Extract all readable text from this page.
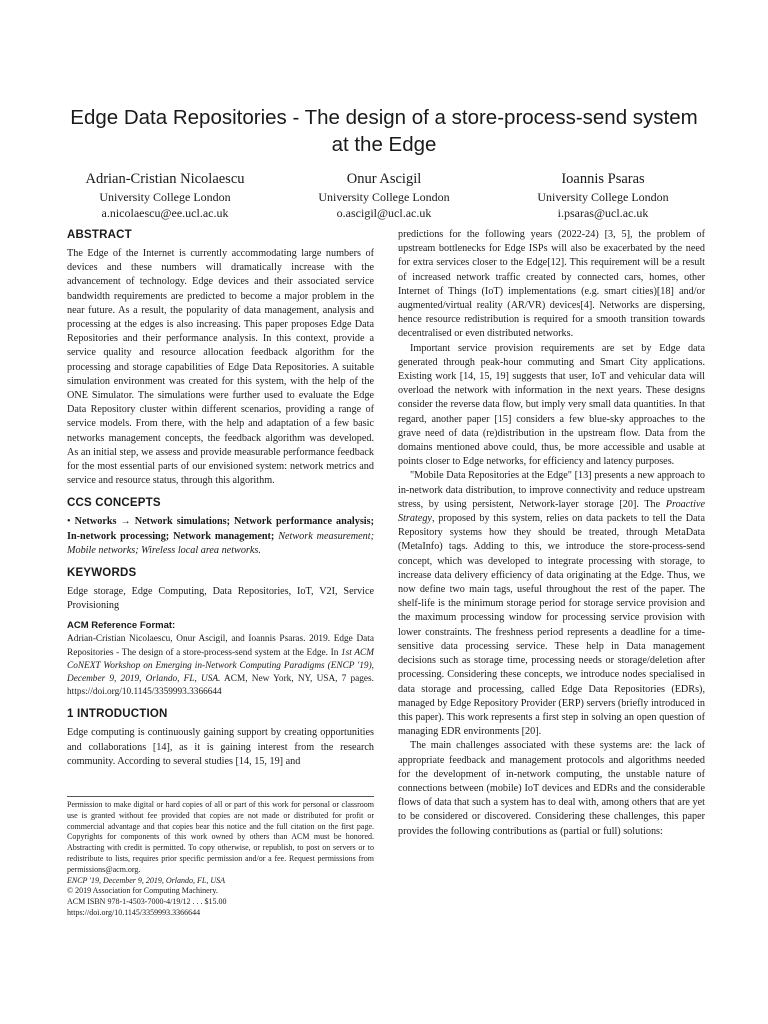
Edge Data Repositories - The design of a store-process-send system at the Edge
Adrian-Cristian Nicolaescu
University College London
a.nicolaescu@ee.ucl.ac.uk
Onur Ascigil
University College London
o.ascigil@ucl.ac.uk
Ioannis Psaras
University College London
i.psaras@ucl.ac.uk
ABSTRACT

The Edge of the Internet is currently accommodating large numbers of devices and these numbers will dramatically increase with the advancement of technology. Edge devices and their associated service bandwidth requirements are predicted to become a major problem in the near future. As a result, the popularity of data management, analysis and processing at the edges is also increasing. This paper proposes Edge Data Repositories and their performance analysis. In this context, provide a service quality and resource allocation feedback algorithm for the processing and storage capabilities of Edge Data Repositories. A suitable simulation environment was created for this system, with the help of the ONE Simulator. The simulations were further used to evaluate the Edge Data Repository cluster within different scenarios, providing a range of service models. From there, with the help and adaptation of a few basic networks management concepts, the feedback algorithm was developed. As an initial step, we assess and provide measurable performance feedback for the most essential parts of our envisioned system: network metrics and service and resource status, through this algorithm.

CCS CONCEPTS

• Networks → Network simulations; Network performance analysis; In-network processing; Network management; Network measurement; Mobile networks; Wireless local area networks.

KEYWORDS

Edge storage, Edge Computing, Data Repositories, IoT, V2I, Service Provisioning

ACM Reference Format:

Adrian-Cristian Nicolaescu, Onur Ascigil, and Ioannis Psaras. 2019. Edge Data Repositories - The design of a store-process-send system at the Edge. In 1st ACM CoNEXT Workshop on Emerging in-Network Computing Paradigms (ENCP '19), December 9, 2019, Orlando, FL, USA. ACM, New York, NY, USA, 7 pages. https://doi.org/10.1145/3359993.3366644

1 INTRODUCTION

Edge computing is continuously gaining support by creating opportunities and collaborations [14], as it is gaining interest from the research community. According to several studies [14, 15, 19] and

predictions for the following years (2022-24) [3, 5], the problem of upstream bottlenecks for Edge ISPs will also be exacerbated by the need for extra services closer to the Edge[12]. This requirement will be a result of increased network traffic created by connected cars, homes, other Internet of Things (IoT) implementations (e.g. smart cities)[18] and/or augmented/virtual reality (AR/VR) devices[4]. Networks are dispersing, hence resource redistribution is required for a smooth transition towards decentralised or even distributed networks.

Important service provision requirements are set by Edge data generated through peak-hour commuting and Smart City applications. Existing work [14, 15, 19] suggests that user, IoT and vehicular data will overload the network with information in the next years. These designs consider the reverse data flow, but imply very small data quantities. In that regard, another paper [15] considers a few blue-sky approaches to the grave need of data (re)distribution in the upstream flow. Data from the domains mentioned above could, thus, be more accessible and usable at points closer to Edge networks, for efficiency and latency purposes.

"Mobile Data Repositories at the Edge" [13] presents a new approach to in-network data distribution, to improve connectivity and reduce upstream stress, by using persistent, Network-layer storage [20]. The Proactive Strategy, proposed by this system, relies on data packets to tell the Data Repository systems how they should be treated, through MetaData (MetaInfo) tags. Adding to this, we introduce the store-process-send concept, which was developed to integrate processing with storage, to increase data delivery efficiency of data originating at the Edge. Thus, we now define two main tags, useful throughout the rest of the paper. The shelf-life is the minimum storage period for storage service provision and the maximum processing window for processing service provision with lower constraints. The freshness period represents a deadline for a time-sensitive data processing service. These help in Data management decisions such as storage time, processing needs or storage/deletion after processing. Considering these concepts, we introduce nodes specialised in data storage and processing, called Edge Data Repositories (EDRs), managed by Edge Repository Provider (ERP) servers (briefly introduced in this paper). This work represents a first step in solving an open question of managing EDR environments [20].

The main challenges associated with these systems are: the lack of appropriate feedback and management protocols and algorithms needed for the development of in-network computing, the unstable nature of connections between (mobile) IoT devices and EDRs and the considerable flows of data that such a system has to deal with, among others that are yet to be considered or discovered. Considering these challenges, this paper provides the following contributions as (partial or full) solutions:

Permission to make digital or hard copies of all or part of this work for personal or classroom use is granted without fee provided that copies are not made or distributed for profit or commercial advantage and that copies bear this notice and the full citation on the first page. Copyrights for components of this work owned by others than ACM must be honored. Abstracting with credit is permitted. To copy otherwise, or republish, to post on servers or to redistribute to lists, requires prior specific permission and/or a fee. Request permissions from permissions@acm.org.

ENCP '19, December 9, 2019, Orlando, FL, USA
© 2019 Association for Computing Machinery.
ACM ISBN 978-1-4503-7000-4/19/12 . . . $15.00
https://doi.org/10.1145/3359993.3366644
